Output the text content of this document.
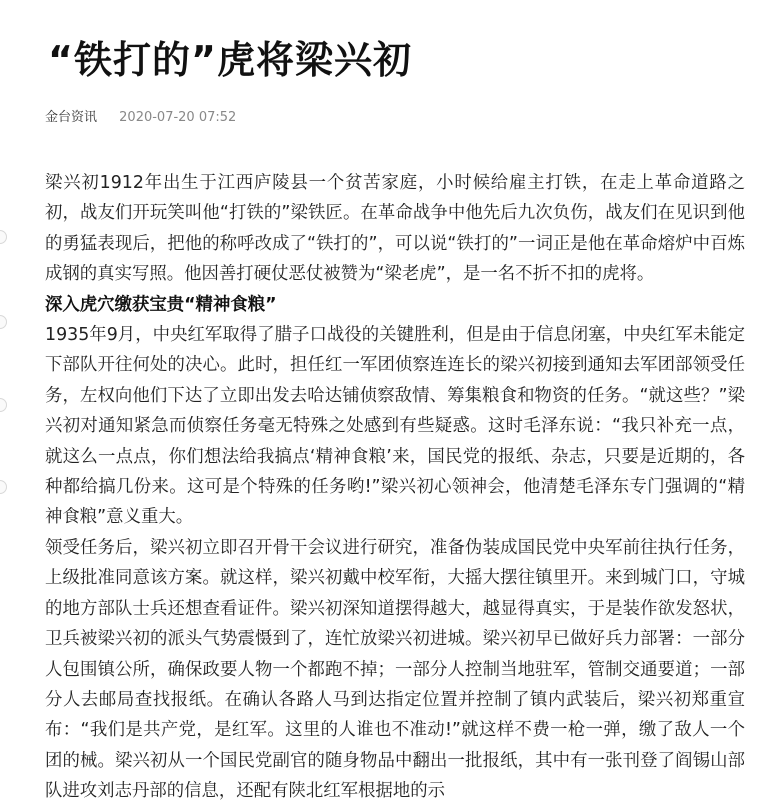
“铁打的”虎将梁兴初
金台资讯 2020-07-20 07:52

梁兴初1912年出生于江西庐陵县一个贫苦家庭，小时候给雇主打铁，在走上革命道路之初，战友们开玩笑叫他“打铁的”梁铁匠。在革命战争中他先后九次负伤，战友们在见识到他的勇猛表现后，把他的称呼改成了“铁打的”，可以说“铁打的”一词正是他在革命熔炉中百炼成钢的真实写照。他因善打硬仗恶仗被赞为“梁老虎”，是一名不折不扣的虎将。

深入虎穴缴获宝贵“精神食粮”

1935年9月，中央红军取得了腊子口战役的关键胜利，但是由于信息闭塞，中央红军未能定下部队开往何处的决心。此时，担任红一军团侦察连连长的梁兴初接到通知去军团部领受任务，左权向他们下达了立即出发去哈达铺侦察敌情、筹集粮食和物资的任务。“就这些？”梁兴初对通知紧急而侦察任务毫无特殊之处感到有些疑惑。这时毛泽东说：“我只补充一点，就这么一点点，你们想法给我搞点‘精神食粮’来，国民党的报纸、杂志，只要是近期的，各种都给搞几份来。这可是个特殊的任务哟!”梁兴初心领神会，他清楚毛泽东专门强调的“精神食粮”意义重大。

领受任务后，梁兴初立即召开骨干会议进行研究，准备伪装成国民党中央军前往执行任务，上级批准同意该方案。就这样，梁兴初戴中校军衔，大摇大摆往镇里开。来到城门口，守城的地方部队士兵还想查看证件。梁兴初深知道摆得越大，越显得真实，于是装作欲发怒状，卫兵被梁兴初的派头气势震慑到了，连忙放梁兴初进城。梁兴初早已做好兵力部署：一部分人包围镇公所，确保政要人物一个都跑不掉；一部分人控制当地驻军，管制交通要道；一部分人去邮局查找报纸。在确认各路人马到达指定位置并控制了镇内武装后，梁兴初郑重宣布：“我们是共产党，是红军。这里的人谁也不准动!”就这样不费一枪一弹，缴了敌人一个团的械。梁兴初从一个国民党副官的随身物品中翻出一批报纸，其中有一张刊登了阎锡山部队进攻刘志丹部的信息，还配有陕北红军根据地的示
